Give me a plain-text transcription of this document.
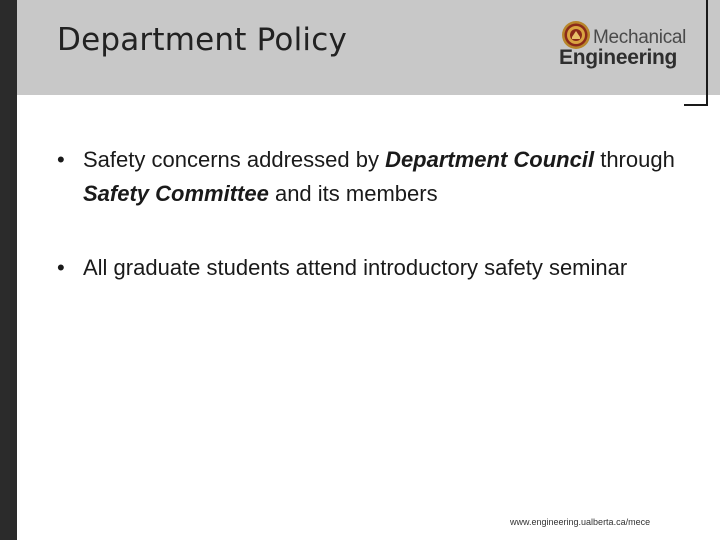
Department Policy	Mechanical
Engineering
• Safety concerns addressed by Department Council through Safety Committee and its members
• All graduate students attend introductory safety seminar
www.engineering.ualberta.ca/mece
